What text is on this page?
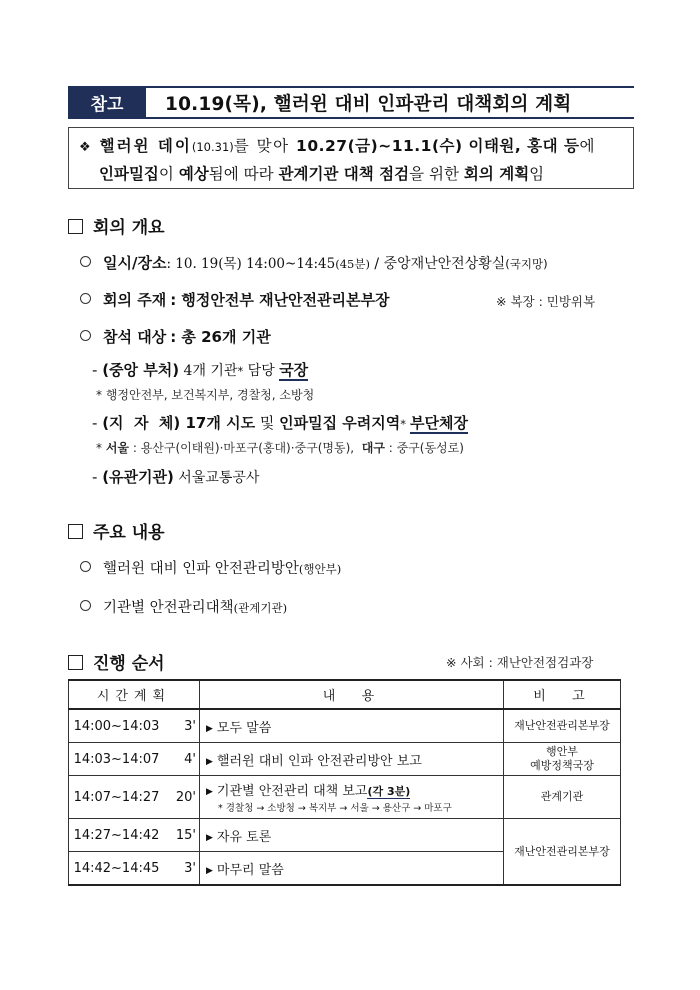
참고	10.19(목), 핼러윈 대비 인파관리 대책회의 계획
❖ 핼러윈 데이(10.31)를 맞아 10.27(금)~11.1(수) 이태원, 홍대 등에
인파밀집이 예상됨에 따라 관계기관 대책 점검을 위한 회의 계획임
회의 개요
일시/장소: 10. 19(목) 14:00~14:45(45분) / 중앙재난안전상황실(국지망)
회의 주재 : 행정안전부 재난안전관리본부장	※ 복장 : 민방위복
참석 대상 : 총 26개 기관
- (중앙 부처) 4개 기관* 담당 국장
* 행정안전부, 보건복지부, 경찰청, 소방청
- (지  자  체) 17개 시도 및 인파밀집 우려지역* 부단체장
* 서울 : 용산구(이태원)·마포구(홍대)·중구(명동),  대구 : 중구(동성로)
- (유관기관) 서울교통공사
주요 내용
핼러윈 대비 인파 안전관리방안(행안부)
기관별 안전관리대책(관계기관)
진행 순서	※ 사회 : 재난안전점검과장
시간계획		내  용	비  고
14:00~14:03	3'	▶ 모두 말씀	재난안전관리본부장
14:03~14:07	4'	▶ 핼러윈 대비 인파 안전관리방안 보고	행안부
예방정책국장
14:07~14:27	20'	▶ 기관별 안전관리 대책 보고(각 3분)
* 경찰청 → 소방청 → 복지부 → 서울 → 용산구 → 마포구	관계기관
14:27~14:42	15'	▶ 자유 토론	재난안전관리본부장
14:42~14:45	3'	▶ 마무리 말씀	
